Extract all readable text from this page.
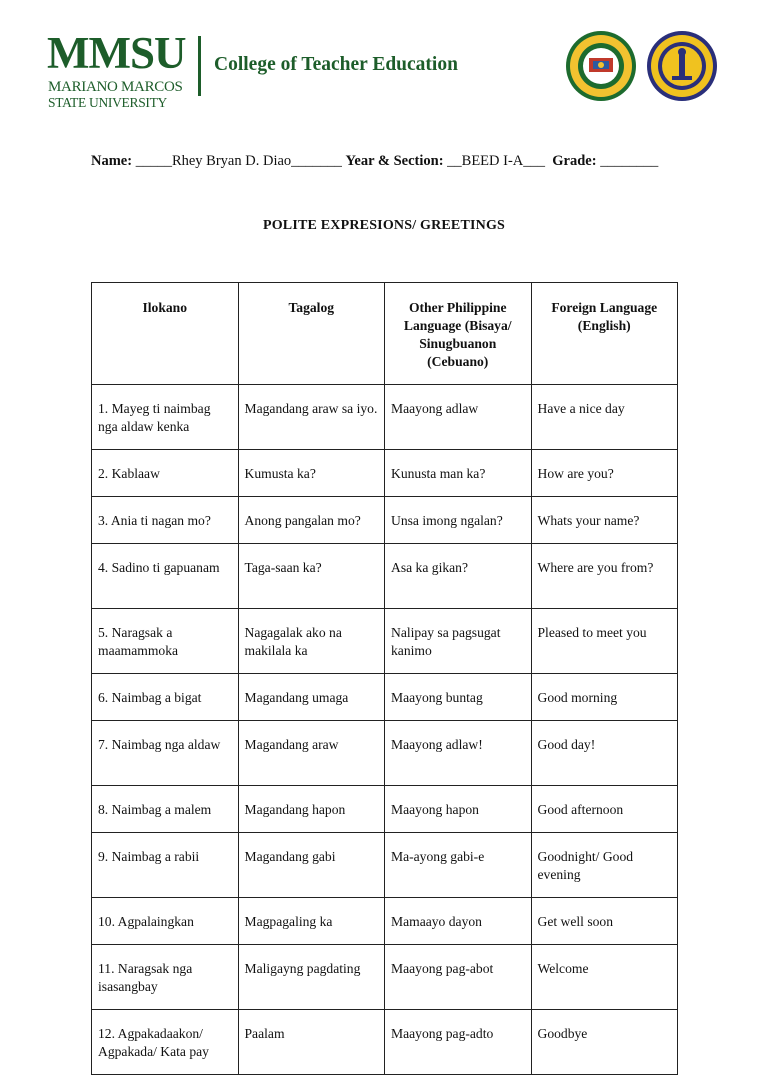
MMSU
MARIANO MARCOS
STATE UNIVERSITY
College of Teacher Education
Name: _____Rhey Bryan D. Diao_______ Year & Section: __BEED I-A___ Grade: ________
POLITE EXPRESIONS/ GREETINGS
Ilokano	Tagalog	Other Philippine Language (Bisaya/ Sinugbuanon (Cebuano)	Foreign Language (English)
1. Mayeg ti naimbag nga aldaw kenka	Magandang araw sa iyo.	Maayong adlaw	Have a nice day
2. Kablaaw	Kumusta ka?	Kunusta man ka?	How are you?
3. Ania ti nagan mo?	Anong pangalan mo?	Unsa imong ngalan?	Whats your name?
4. Sadino ti gapuanam	Taga-saan ka?	Asa ka gikan?	Where are you from?
5. Naragsak a maamammoka	Nagagalak ako na makilala ka	Nalipay sa pagsugat kanimo	Pleased to meet you
6. Naimbag a bigat	Magandang umaga	Maayong buntag	Good morning
7. Naimbag nga aldaw	Magandang araw	Maayong adlaw!	Good day!
8. Naimbag a malem	Magandang hapon	Maayong hapon	Good afternoon
9. Naimbag a rabii	Magandang gabi	Ma-ayong gabi-e	Goodnight/ Good evening
10. Agpalaingkan	Magpagaling ka	Mamaayo dayon	Get well soon
11. Naragsak nga isasangbay	Maligayng pagdating	Maayong pag-abot	Welcome
12. Agpakadaakon/ Agpakada/ Kata pay	Paalam	Maayong pag-adto	Goodbye
